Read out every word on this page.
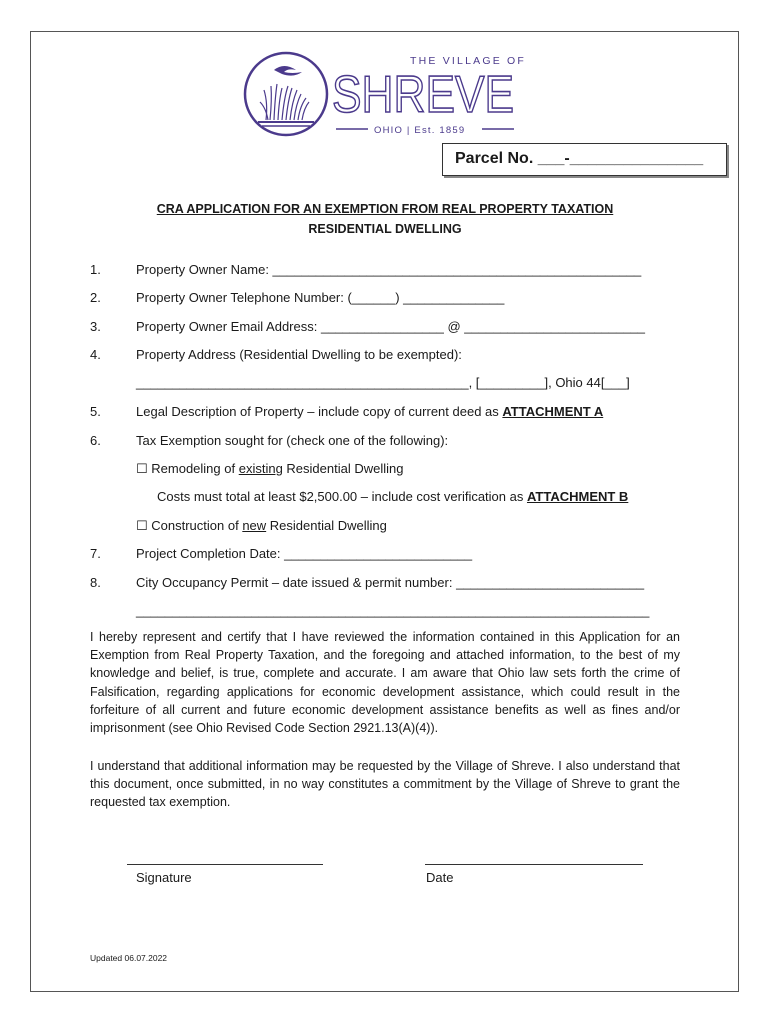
THE VILLAGE OF
SHREVE
OHIO | Est. 1859
Parcel No. ___-_______________
CRA APPLICATION FOR AN EXEMPTION FROM REAL PROPERTY TAXATION
RESIDENTIAL DWELLING
1.	Property Owner Name: ___________________________________________________
2.	Property Owner Telephone Number: (______) ______________
3.	Property Owner Email Address: _________________ @ _________________________
4.	Property Address (Residential Dwelling to be exempted):
______________________________________________, [_________], Ohio 44[___]
5.	Legal Description of Property – include copy of current deed as ATTACHMENT A
6.	Tax Exemption sought for (check one of the following):
☐ Remodeling of existing Residential Dwelling
Costs must total at least $2,500.00 – include cost verification as ATTACHMENT B
☐ Construction of new Residential Dwelling
7.	Project Completion Date: __________________________
8.	City Occupancy Permit – date issued & permit number: __________________________
_______________________________________________________________________
I hereby represent and certify that I have reviewed the information contained in this Application for an Exemption from Real Property Taxation, and the foregoing and attached information, to the best of my knowledge and belief, is true, complete and accurate. I am aware that Ohio law sets forth the crime of Falsification, regarding applications for economic development assistance, which could result in the forfeiture of all current and future economic development assistance benefits as well as fines and/or imprisonment (see Ohio Revised Code Section 2921.13(A)(4)).
I understand that additional information may be requested by the Village of Shreve. I also understand that this document, once submitted, in no way constitutes a commitment by the Village of Shreve to grant the requested tax exemption.
Signature	Date
Updated 06.07.2022
